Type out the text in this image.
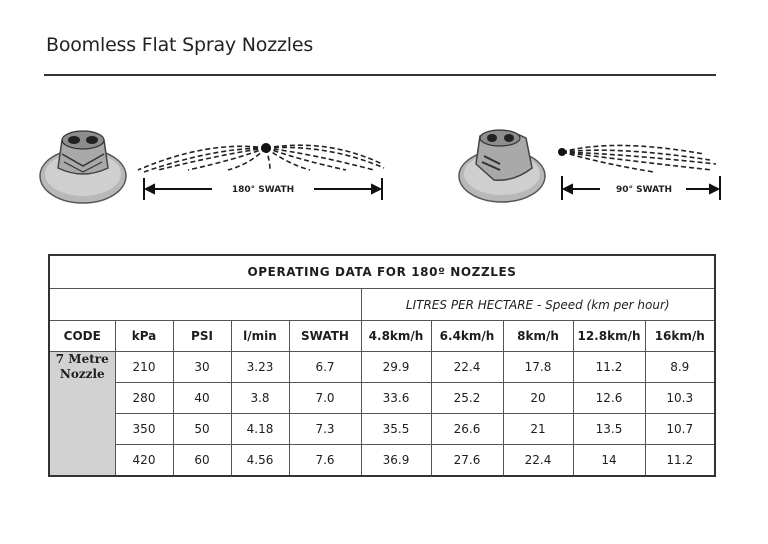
Boomless Flat Spray Nozzles
180° SWATH	90° SWATH
OPERATING DATA FOR 180º NOZZLES									
					LITRES PER HECTARE - Speed (km per hour)				
CODE	kPa	PSI	l/min	SWATH	4.8km/h	6.4km/h	8km/h	12.8km/h	16km/h

7 Metre Nozzle	210	30	3.23	6.7	29.9	22.4	17.8	11.2	8.9
	280	40	3.8	7.0	33.6	25.2	20	12.6	10.3
	350	50	4.18	7.3	35.5	26.6	21	13.5	10.7
	420	60	4.56	7.6	36.9	27.6	22.4	14	11.2
